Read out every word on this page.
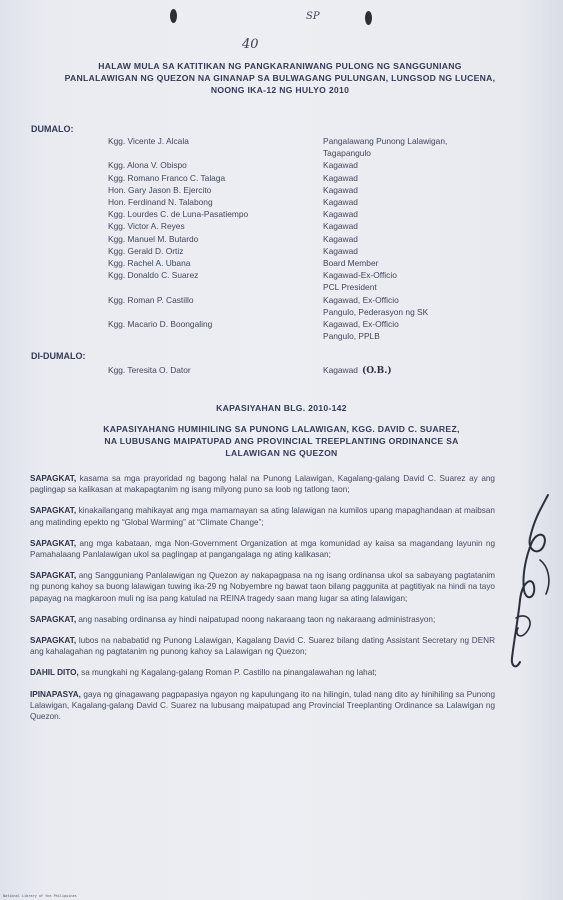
40
SP
HALAW MULA SA KATITIKAN NG PANGKARANIWANG PULONG NG SANGGUNIANG
PANLALAWIGAN NG QUEZON NA GINANAP SA BULWAGANG PULUNGAN, LUNGSOD NG LUCENA,
NOONG IKA-12 NG HULYO 2010
DUMALO:
Kgg. Vicente J. Alcala	Pangalawang Punong Lalawigan,
Tagapangulo
Kgg. Alona V. Obispo	Kagawad
Kgg. Romano Franco C. Talaga	Kagawad
Hon. Gary Jason B. Ejercito	Kagawad
Hon. Ferdinand N. Talabong	Kagawad
Kgg. Lourdes C. de Luna-Pasatiempo	Kagawad
Kgg. Victor A. Reyes	Kagawad
Kgg. Manuel M. Butardo	Kagawad
Kgg. Gerald D. Ortiz	Kagawad
Kgg. Rachel A. Ubana	Board Member
Kgg. Donaldo C. Suarez	Kagawad-Ex-Officio
PCL President
Kgg. Roman P. Castillo	Kagawad, Ex-Officio
Pangulo, Pederasyon ng SK
Kgg. Macario D. Boongaling	Kagawad, Ex-Officio
Pangulo, PPLB
DI-DUMALO:
Kgg. Teresita O. Dator	Kagawad (O.B.)
KAPASIYAHAN BLG. 2010-142
KAPASIYAHANG HUMIHILING SA PUNONG LALAWIGAN, KGG. DAVID C. SUAREZ,
NA LUBUSANG MAIPATUPAD ANG PROVINCIAL TREEPLANTING ORDINANCE SA
LALAWIGAN NG QUEZON
SAPAGKAT, kasama sa mga prayoridad ng bagong halal na Punong Lalawigan, Kagalang-galang David C. Suarez ay ang paglingap sa kalikasan at makapagtanim ng isang milyong puno sa loob ng tatlong taon;
SAPAGKAT, kinakailangang mahikayat ang mga mamamayan sa ating lalawigan na kumilos upang mapaghandaan at maibsan ang matinding epekto ng “Global Warming” at “Climate Change”;
SAPAGKAT, ang mga kabataan, mga Non-Government Organization at mga komunidad ay kaisa sa magandang layunin ng Pamahalaang Panlalawigan ukol sa paglingap at pangangalaga ng ating kalikasan;
SAPAGKAT, ang Sangguniang Panlalawigan ng Quezon ay nakapagpasa na ng isang ordinansa ukol sa sabayang pagtatanim ng punong kahoy sa buong lalawigan tuwing ika-29 ng Nobyembre ng bawat taon bilang paggunita at pagtitiyak na hindi na tayo papayag na magkaroon muli ng isa pang katulad na REINA tragedy saan mang lugar sa ating lalawigan;
SAPAGKAT, ang nasabing ordinansa ay hindi naipatupad noong nakaraang taon ng nakaraang administrasyon;
SAPAGKAT, lubos na nababatid ng Punong Lalawigan, Kagalang David C. Suarez bilang dating Assistant Secretary ng DENR ang kahalagahan ng pagtatanim ng punong kahoy sa Lalawigan ng Quezon;
DAHIL DITO, sa mungkahi ng Kagalang-galang Roman P. Castillo na pinangalawahan ng lahat;
IPINAPASYA, gaya ng ginagawang pagpapasiya ngayon ng kapulungang ito na hilingin, tulad nang dito ay hinihiling sa Punong Lalawigan, Kagalang-galang David C. Suarez na lubusang maipatupad ang Provincial Treeplanting Ordinance sa Lalawigan ng Quezon.
National Library of the Philippines
